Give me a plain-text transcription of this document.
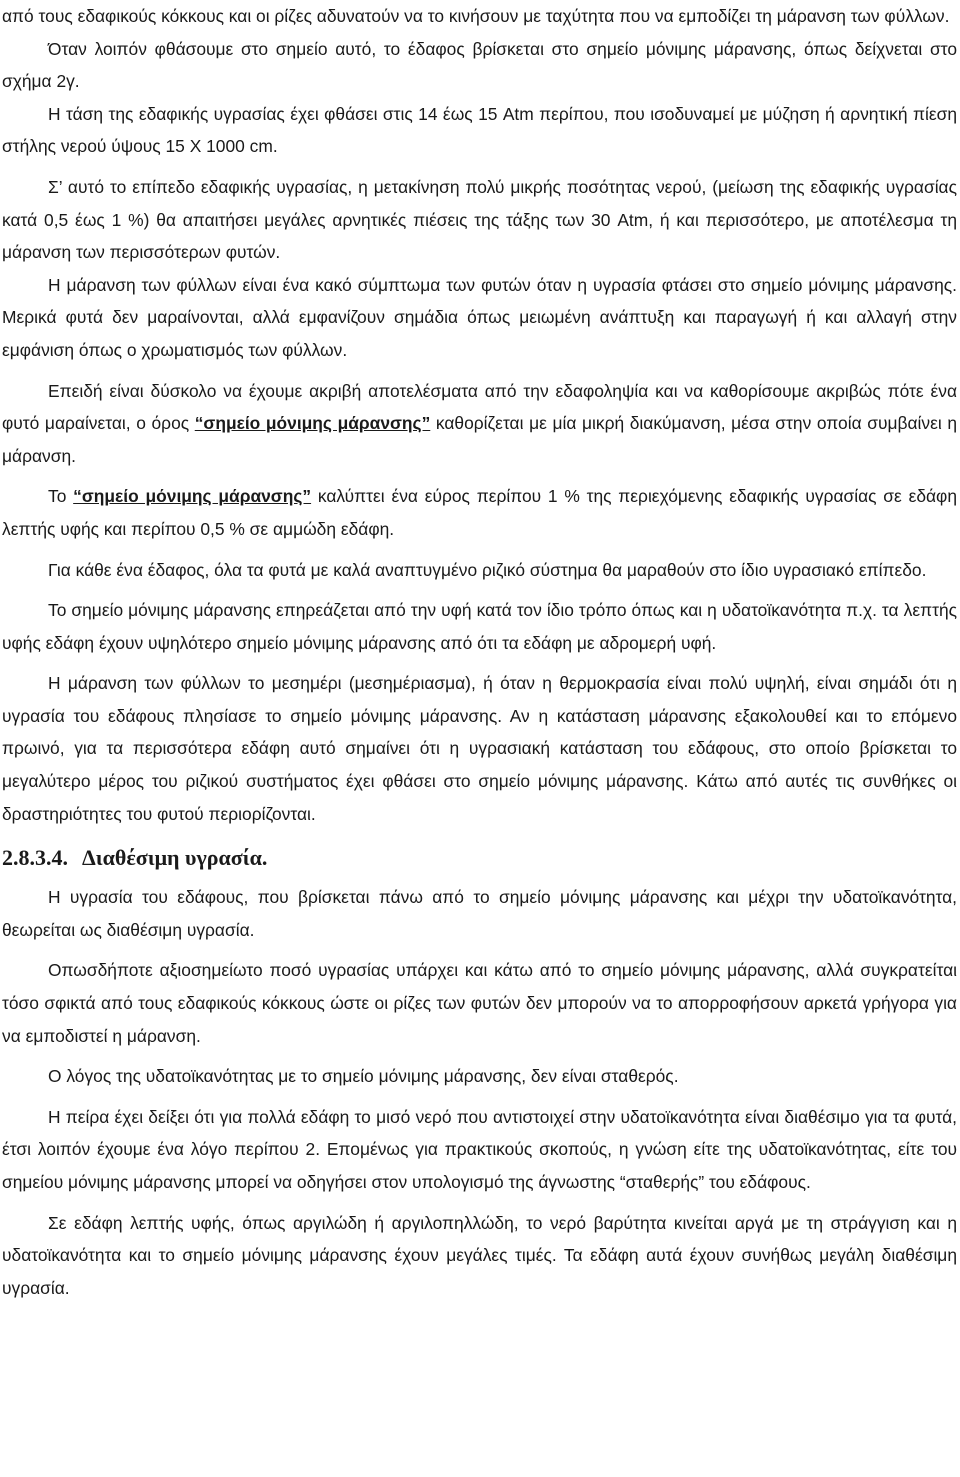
από τους εδαφικούς κόκκους και οι ρίζες αδυνατούν να το κινήσουν με ταχύτητα που να εμποδίζει τη μάρανση των φύλλων.

Όταν λοιπόν φθάσουμε στο σημείο αυτό, το έδαφος βρίσκεται στο σημείο μόνιμης μάρανσης, όπως δείχνεται στο σχήμα 2γ.

Η τάση της εδαφικής υγρασίας έχει φθάσει στις 14 έως 15 Atm περίπου, που ισοδυναμεί με μύζηση ή αρνητική πίεση στήλης νερού ύψους 15 Χ 1000 cm.

Σ’ αυτό το επίπεδο εδαφικής υγρασίας, η μετακίνηση πολύ μικρής ποσότητας νερού, (μείωση της εδαφικής υγρασίας κατά 0,5 έως 1 %) θα απαιτήσει μεγάλες αρνητικές πιέσεις της τάξης των 30 Atm, ή και περισσότερο, με αποτέλεσμα τη μάρανση των περισσότερων φυτών.

Η μάρανση των φύλλων είναι ένα κακό σύμπτωμα των φυτών όταν η υγρασία φτάσει στο σημείο μόνιμης μάρανσης. Μερικά φυτά δεν μαραίνονται, αλλά εμφανίζουν σημάδια όπως μειωμένη ανάπτυξη και παραγωγή ή και αλλαγή στην εμφάνιση όπως ο χρωματισμός των φύλλων.

Επειδή είναι δύσκολο να έχουμε ακριβή αποτελέσματα από την εδαφοληψία και να καθορίσουμε ακριβώς πότε ένα φυτό μαραίνεται, ο όρος “σημείο μόνιμης μάρανσης” καθορίζεται με μία μικρή διακύμανση, μέσα στην οποία συμβαίνει η μάρανση.

Το “σημείο μόνιμης μάρανσης” καλύπτει ένα εύρος περίπου 1 % της περιεχόμενης εδαφικής υγρασίας σε εδάφη λεπτής υφής και περίπου 0,5 % σε αμμώδη εδάφη.

Για κάθε ένα έδαφος, όλα τα φυτά με καλά αναπτυγμένο ριζικό σύστημα θα μαραθούν στο ίδιο υγρασιακό επίπεδο.

Το σημείο μόνιμης μάρανσης επηρεάζεται από την υφή κατά τον ίδιο τρόπο όπως και η υδατοϊκανότητα π.χ. τα λεπτής υφής εδάφη έχουν υψηλότερο σημείο μόνιμης μάρανσης από ότι τα εδάφη με αδρομερή υφή.

Η μάρανση των φύλλων το μεσημέρι (μεσημέριασμα), ή όταν η θερμοκρασία είναι πολύ υψηλή, είναι σημάδι ότι η υγρασία του εδάφους πλησίασε το σημείο μόνιμης μάρανσης. Αν η κατάσταση μάρανσης εξακολουθεί και το επόμενο πρωινό, για τα περισσότερα εδάφη αυτό σημαίνει ότι η υγρασιακή κατάσταση του εδάφους, στο οποίο βρίσκεται το μεγαλύτερο μέρος του ριζικού συστήματος έχει φθάσει στο σημείο μόνιμης μάρανσης. Κάτω από αυτές τις συνθήκες οι δραστηριότητες του φυτού περιορίζονται.

2.8.3.4. Διαθέσιμη υγρασία.

Η υγρασία του εδάφους, που βρίσκεται πάνω από το σημείο μόνιμης μάρανσης και μέχρι την υδατοϊκανότητα, θεωρείται ως διαθέσιμη υγρασία.

Οπωσδήποτε αξιοσημείωτο ποσό υγρασίας υπάρχει και κάτω από το σημείο μόνιμης μάρανσης, αλλά συγκρατείται τόσο σφικτά από τους εδαφικούς κόκκους ώστε οι ρίζες των φυτών δεν μπορούν να το απορροφήσουν αρκετά γρήγορα για να εμποδιστεί η μάρανση.

Ο λόγος της υδατοϊκανότητας με το σημείο μόνιμης μάρανσης, δεν είναι σταθερός.

Η πείρα έχει δείξει ότι για πολλά εδάφη το μισό νερό που αντιστοιχεί στην υδατοϊκανότητα είναι διαθέσιμο για τα φυτά, έτσι λοιπόν έχουμε ένα λόγο περίπου 2. Επομένως για πρακτικούς σκοπούς, η γνώση είτε της υδατοϊκανότητας, είτε του σημείου μόνιμης μάρανσης μπορεί να οδηγήσει στον υπολογισμό της άγνωστης “σταθερής” του εδάφους.

Σε εδάφη λεπτής υφής, όπως αργιλώδη ή αργιλοπηλλώδη, το νερό βαρύτητα κινείται αργά με τη στράγγιση και η υδατοϊκανότητα και το σημείο μόνιμης μάρανσης έχουν μεγάλες τιμές. Τα εδάφη αυτά έχουν συνήθως μεγάλη διαθέσιμη υγρασία.
